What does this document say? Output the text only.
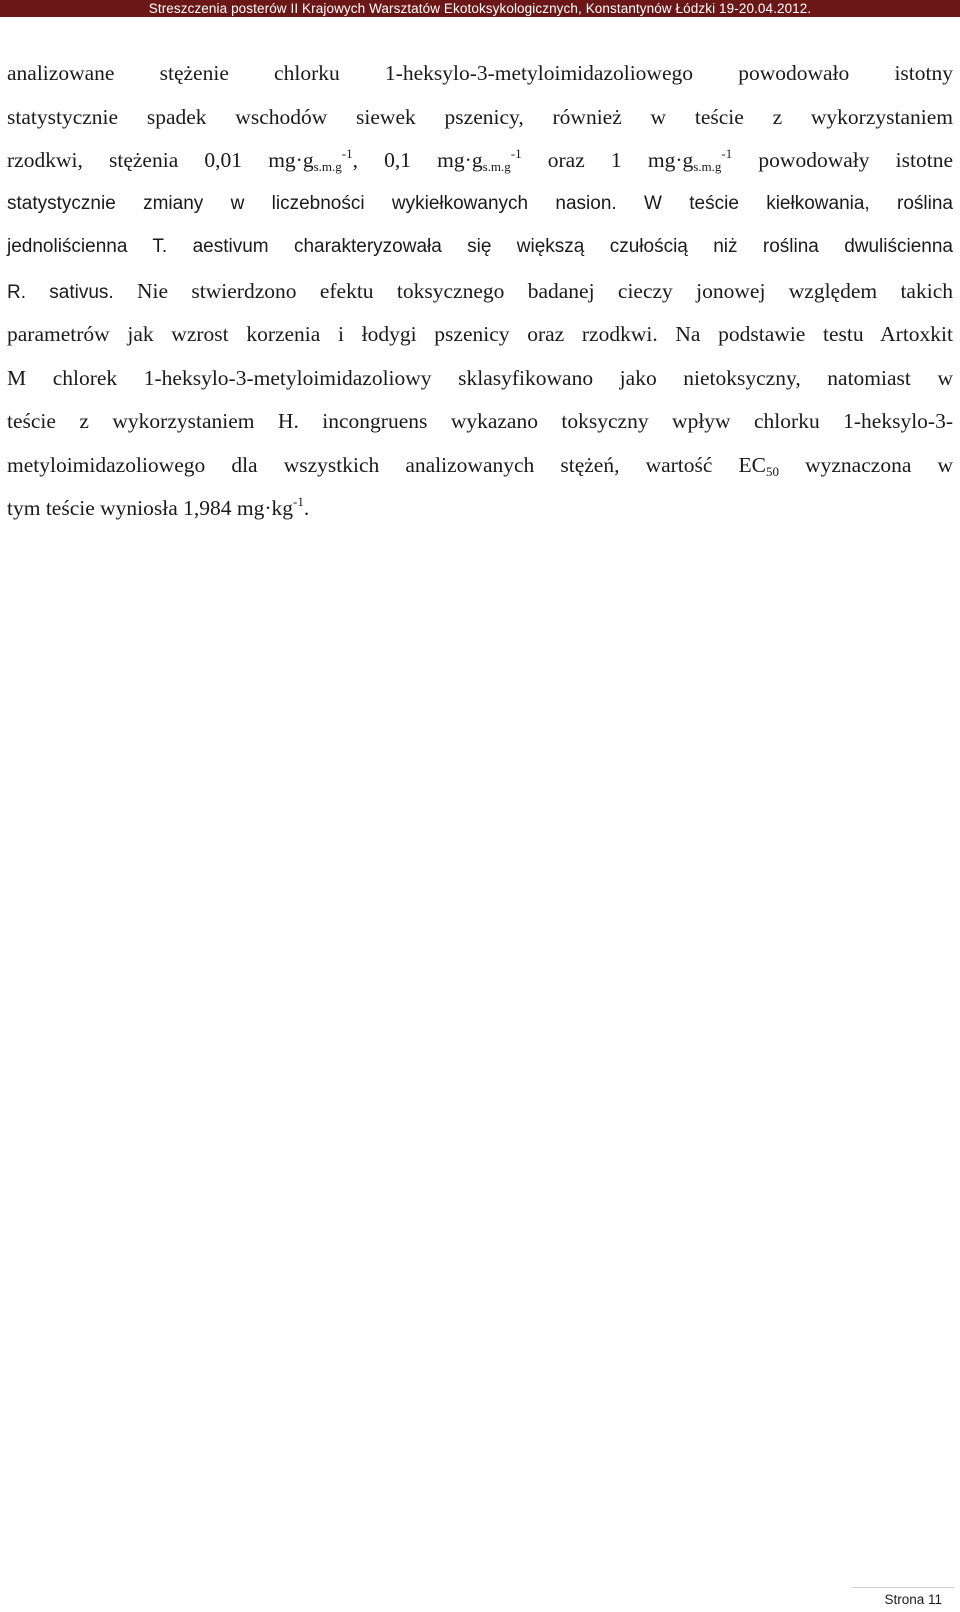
Streszczenia posterów II Krajowych Warsztatów Ekotoksykologicznych, Konstantynów Łódzki 19-20.04.2012.
analizowane stężenie chlorku 1-heksylo-3-metyloimidazoliowego powodowało istotny
statystycznie spadek wschodów siewek pszenicy, również w teście z wykorzystaniem
rzodkwi, stężenia 0,01 $mg\cdot g_{s.m.g}^{-1}$, 0,1 $mg\cdot g_{s.m.g}^{-1}$ oraz 1 $mg\cdot g_{s.m.g}^{-1}$ powodowały istotne
statystycznie zmiany w liczebności wykiełkowanych nasion. W teście kiełkowania, roślina
jednoliścienna T. aestivum charakteryzowała się większą czułością niż roślina dwuliścienna
R. sativus. Nie stwierdzono efektu toksycznego badanej cieczy jonowej względem takich
parametrów jak wzrost korzenia i łodygi pszenicy oraz rzodkwi. Na podstawie testu Artoxkit
M chlorek 1-heksylo-3-metyloimidazoliowy sklasyfikowano jako nietoksyczny, natomiast w
teście z wykorzystaniem H. incongruens wykazano toksyczny wpływ chlorku 1-heksylo-3-
metyloimidazoliowego dla wszystkich analizowanych stężeń, wartość $EC_{50}$ wyznaczona w
tym teście wyniosła 1,984 $mg\cdot kg^{-1}$.
Strona 11
